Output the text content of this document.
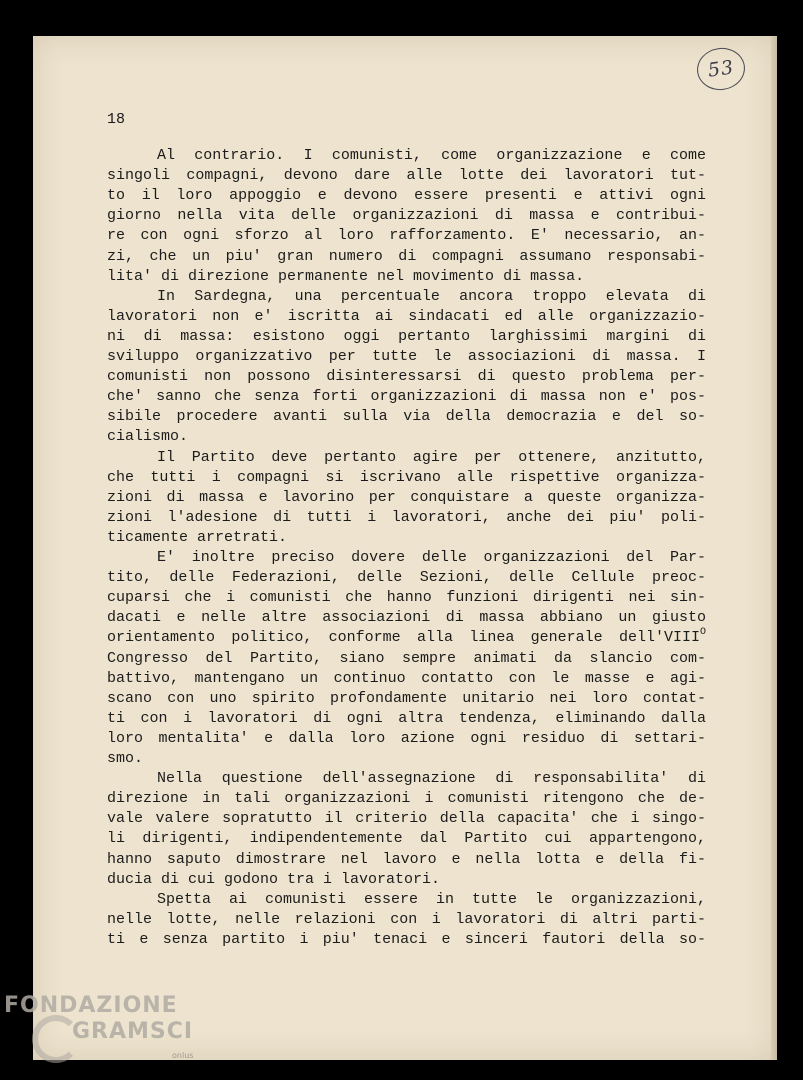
53
18
Al contrario. I comunisti, come organizzazione e come
singoli compagni, devono dare alle lotte dei lavoratori tut-
to il loro appoggio e devono essere presenti e attivi ogni
giorno nella vita delle organizzazioni di massa e contribui-
re con ogni sforzo al loro rafforzamento. E' necessario, an-
zi, che un piu' gran numero di compagni assumano responsabi-
lita' di direzione permanente nel movimento di massa.
In Sardegna, una percentuale ancora troppo elevata di
lavoratori non e' iscritta ai sindacati ed alle organizzazio-
ni di massa: esistono oggi pertanto larghissimi margini di
sviluppo organizzativo per tutte le associazioni di massa. I
comunisti non possono disinteressarsi di questo problema per-
che' sanno che senza forti organizzazioni di massa non e' pos-
sibile procedere avanti sulla via della democrazia e del so-
cialismo.
Il Partito deve pertanto agire per ottenere, anzitutto,
che tutti i compagni si iscrivano alle rispettive organizza-
zioni di massa e lavorino per conquistare a queste organizza-
zioni l'adesione di tutti i lavoratori, anche dei piu' poli-
ticamente arretrati.
E' inoltre preciso dovere delle organizzazioni del Par-
tito, delle Federazioni, delle Sezioni, delle Cellule preoc-
cuparsi che i comunisti che hanno funzioni dirigenti nei sin-
dacati e nelle altre associazioni di massa abbiano un giusto
orientamento politico, conforme alla linea generale $dell'VIII^O$
Congresso del Partito, siano sempre animati da slancio com-
battivo, mantengano un continuo contatto con le masse e agi-
scano con uno spirito profondamente unitario nei loro contat-
ti con i lavoratori di ogni altra tendenza, eliminando dalla
loro mentalita' e dalla loro azione ogni residuo di settari-
smo.
Nella questione dell'assegnazione di responsabilita' di
direzione in tali organizzazioni i comunisti ritengono che de-
vale valere sopratutto il criterio della capacita' che i singo-
li dirigenti, indipendentemente dal Partito cui appartengono,
hanno saputo dimostrare nel lavoro e nella lotta e della fi-
ducia di cui godono tra i lavoratori.
Spetta ai comunisti essere in tutte le organizzazioni,
nelle lotte, nelle relazioni con i lavoratori di altri parti-
ti e senza partito i piu' tenaci e sinceri fautori della so-
FONDAZIONE
GRAMSCI
onlus
